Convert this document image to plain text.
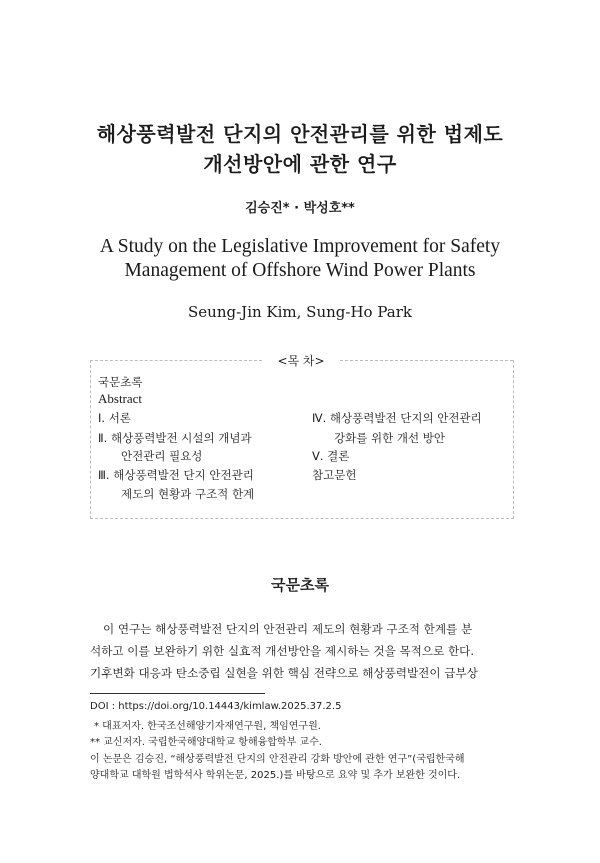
해상풍력발전 단지의 안전관리를 위한 법제도
개선방안에 관한 연구
김승진* · 박성호**
A Study on the Legislative Improvement for Safety
Management of Offshore Wind Power Plants
Seung-Jin Kim, Sung-Ho Park
<목 차>
국문초록
Abstract
Ⅰ. 서론
Ⅱ. 해상풍력발전 시설의 개념과
안전관리 필요성
Ⅲ. 해상풍력발전 단지 안전관리
제도의 현황과 구조적 한계
Ⅳ. 해상풍력발전 단지의 안전관리
강화를 위한 개선 방안
Ⅴ. 결론
참고문헌
국문초록
이 연구는 해상풍력발전 단지의 안전관리 제도의 현황과 구조적 한계를 분
석하고 이를 보완하기 위한 실효적 개선방안을 제시하는 것을 목적으로 한다.
기후변화 대응과 탄소중립 실현을 위한 핵심 전략으로 해상풍력발전이 급부상
DOI : https://doi.org/10.14443/kimlaw.2025.37.2.5
* 대표저자. 한국조선해양기자재연구원, 책임연구원.
** 교신저자. 국립한국해양대학교 항해융합학부 교수.
이 논문은 김승진, “해상풍력발전 단지의 안전관리 강화 방안에 관한 연구”(국립한국해
양대학교 대학원 법학석사 학위논문, 2025.)를 바탕으로 요약 및 추가 보완한 것이다.
